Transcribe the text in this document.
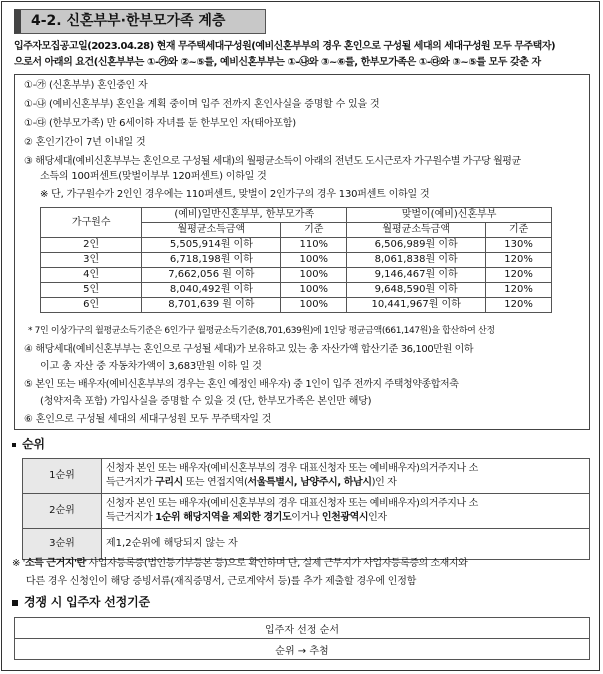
4-2. 신혼부부·한부모가족 계층
입주자모집공고일(2023.04.28) 현재 무주택세대구성원(예비신혼부부의 경우 혼인으로 구성될 세대의 세대구성원 모두 무주택자)
으로서 아래의 요건(신혼부부는 ①-㉮와 ②~⑤를, 예비신혼부부는 ①-㉯와 ③~⑥를, 한부모가족은 ①-㉰와 ③~⑤를 모두 갖춘 자
①-㉮ (신혼부부) 혼인중인 자
①-㉯ (예비신혼부부) 혼인을 계획 중이며 입주 전까지 혼인사실을 증명할 수 있을 것
①-㉰ (한부모가족) 만 6세이하 자녀를 둔 한부모인 자(태아포함)
② 혼인기간이 7년 이내일 것
③ 해당세대(예비신혼부부는 혼인으로 구성될 세대)의 월평균소득이 아래의 전년도 도시근로자 가구원수별 가구당 월평균
소득의 100퍼센트(맞벌이부부 120퍼센트) 이하일 것
※ 단, 가구원수가 2인인 경우에는 110퍼센트, 맞벌이 2인가구의 경우 130퍼센트 이하일 것
가구원수	(예비)일반신혼부부, 한부모가족		맞벌이(예비)신혼부부	
	월평균소득금액	기준	월평균소득금액	기준
2인	5,505,914원 이하	110%	6,506,989원 이하	130%
3인	6,718,198원 이하	100%	8,061,838원 이하	120%
4인	7,662,056 원 이하	100%	9,146,467원 이하	120%
5인	8,040,492원 이하	100%	9,648,590원 이하	120%
6인	8,701,639 원 이하	100%	10,441,967원 이하	120%
* 7인 이상가구의 월평균소득기준은 6인가구 월평균소득기준(8,701,639원)에 1인당 평균금액(661,147원)을 합산하여 산정
④ 해당세대(예비신혼부부는 혼인으로 구성될 세대)가 보유하고 있는 총 자산가액 합산기준 36,100만원 이하
이고 총 자산 중 자동차가액이 3,683만원 이하 일 것
⑤ 본인 또는 배우자(예비신혼부부의 경우는 혼인 예정인 배우자) 중 1인이 입주 전까지 주택청약종합저축
(청약저축 포함) 가입사실을 증명할 수 있을 것 (단, 한부모가족은 본인만 해당)
⑥ 혼인으로 구성될 세대의 세대구성원 모두 무주택자일 것
순위
1순위	신청자 본인 또는 배우자(예비신혼부부의 경우 대표신청자 또는 예비배우자)의거주지나 소
득근거지가 구리시 또는 연접지역(서울특별시, 남양주시, 하남시)인 자

2순위	신청자 본인 또는 배우자(예비신혼부부의 경우 대표신청자 또는 예비배우자)의거주지나 소
득근거지가 1순위 해당지역을 제외한 경기도이거나 인천광역시인자

3순위	제1,2순위에 해당되지 않는 자
※ '소득 근거지'란 사업자등록증(법인등기부등본 등)으로 확인하며 단, 실제 근무지가 사업자등록증의 소재지와
다른 경우 신청인이 해당 증빙서류(재직증명서, 근로계약서 등)를 추가 제출할 경우에 인정함
경쟁 시 입주자 선정기준
입주자 선정 순서
순위 → 추첨
